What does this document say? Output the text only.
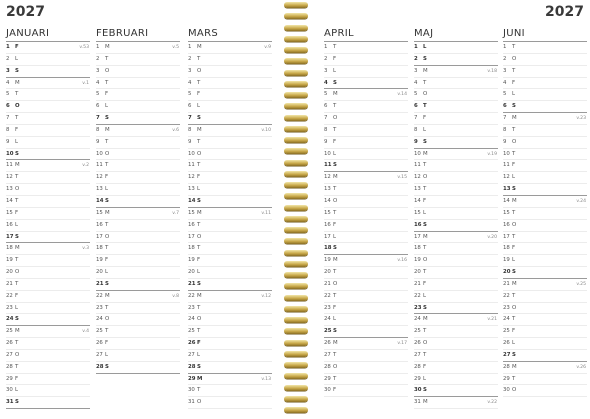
2027	2027
JANUARI
1 F	v.53
2 L
3 S
4 M	v.1
5 T
6 O
7 T
8 F
9 L
10S
11 M	v.2
12 T
13 O
14 T
15 F
16 L
17S
18 M	v.3
19 T
20 O
21 T
22 F
23 L
24S
25 M	v.4
26 T
27 O
28 T
29 F
30 L
31S
FEBRUARI
1 M	v.5
2 T
3 O
4 T
5 F
6 L
7 S
8 M	v.6
9 T
10 O
11 T
12 F
13 L
14S
15 M	v.7
16 T
17 O
18 T
19 F
20 L
21S
22 M	v.8
23 T
24 O
25 T
26 F
27 L
28S
MARS
1 M	v.9
2 T
3 O
4 T
5 F
6 L
7 S
8 M	v.10
9 T
10 O
11 T
12 F
13 L
14S
15 M	v.11
16 T
17 O
18 T
19 F
20 L
21S
22 M	v.12
23 T
24 O
25 T
26F
27 L
28S
29M	v.13
30 T
31 O
APRIL
1 T
2 F
3 L
4 S
5 M	v.14
6 T
7 O
8 T
9 F
10 L
11S
12 M	v.15
13 T
14 O
15 T
16 F
17 L
18S
19 M	v.16
20 T
21 O
22 T
23 F
24 L
25S
26 M	v.17
27 T
28 O
29 T
30 F
MAJ
1 L
2 S
3 M	v.18
4 T
5 O
6 T
7 F
8 L
9 S
10 M	v.19
11 T
12 O
13 T
14 F
15 L
16S
17 M	v.20
18 T
19 O
20 T
21 F
22 L
23S
24 M	v.21
25 T
26 O
27 T
28 F
29 L
30S
31 M	v.22
JUNI
1 T
2 O
3 T
4 F
5 L
6 S
7 M	v.23
8 T
9 O
10 T
11 F
12 L
13S
14 M	v.24
15 T
16 O
17 T
18 F
19 L
20S
21 M	v.25
22 T
23 O
24 T
25 F
26 L
27S
28 M	v.26
29 T
30 O
